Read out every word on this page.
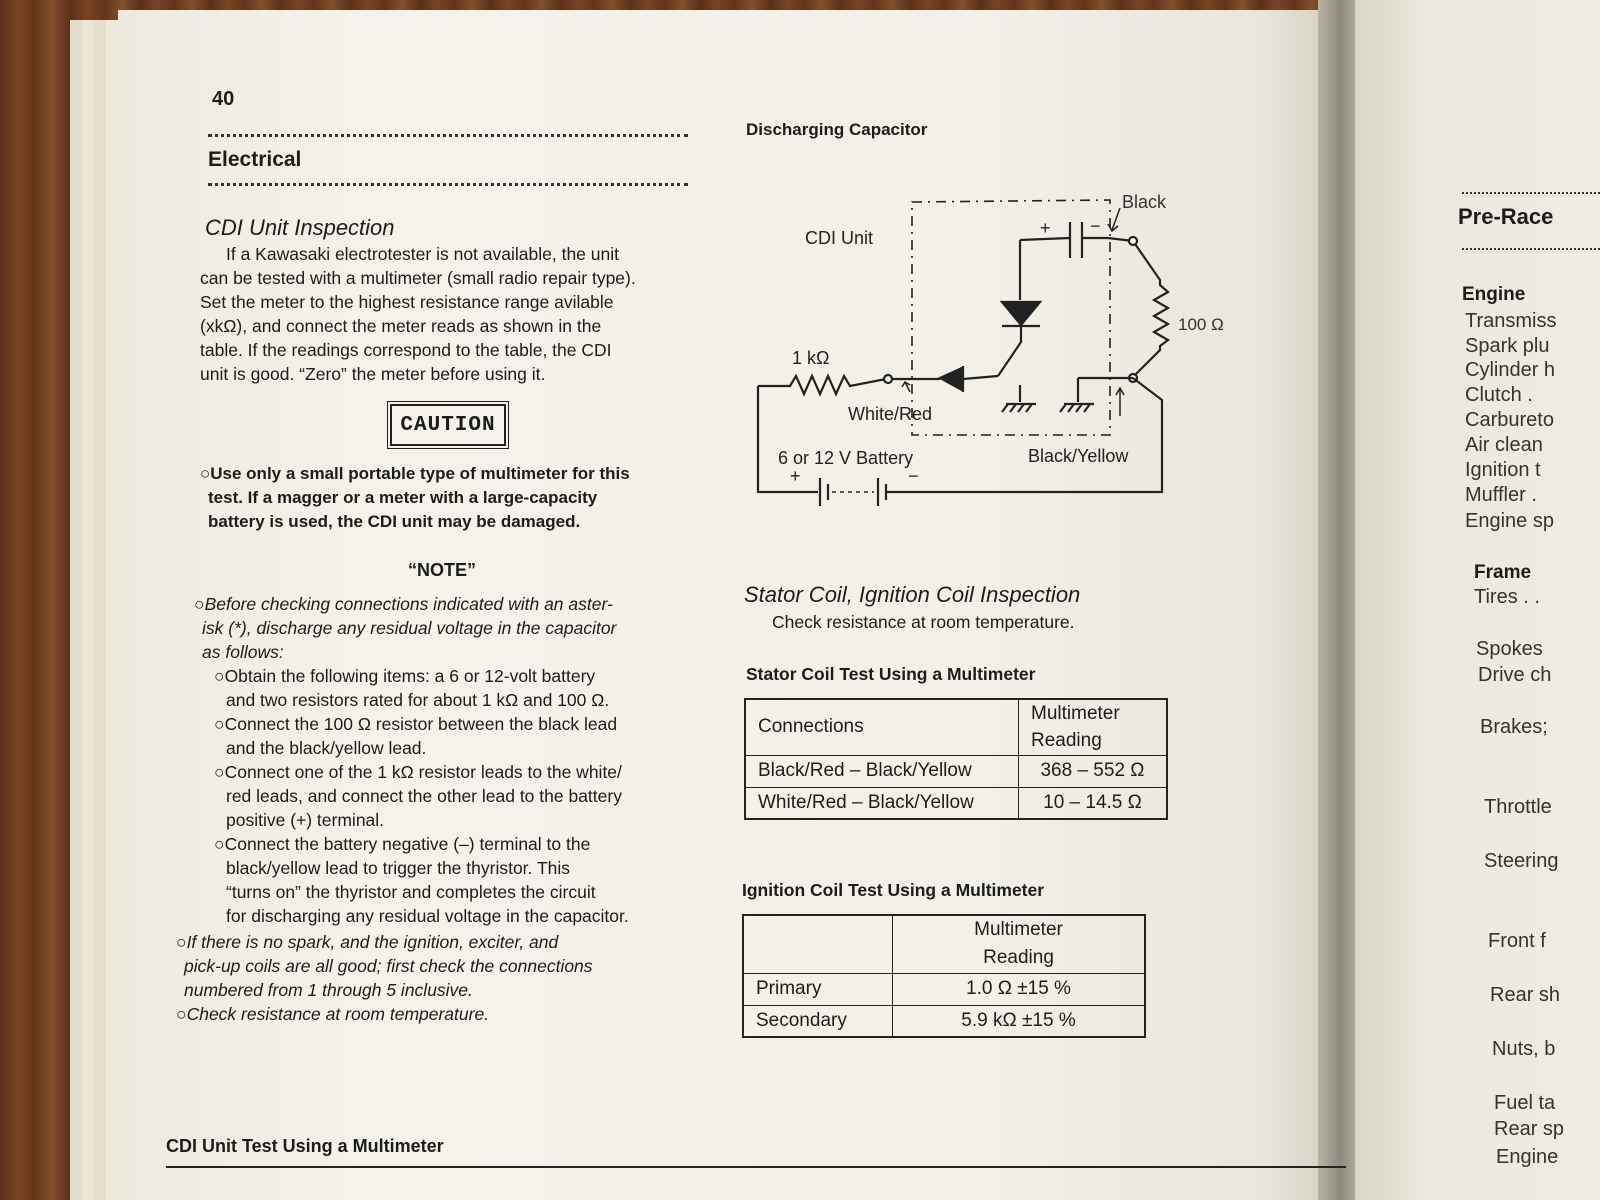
40
Electrical
CDI Unit Inspection
If a Kawasaki electrotester is not available, the unit
can be tested with a multimeter (small radio repair type).
Set the meter to the highest resistance range avilable
(xkΩ), and connect the meter reads as shown in the
table. If the readings correspond to the table, the CDI
unit is good. “Zero” the meter before using it.
CAUTION
○Use only a small portable type of multimeter for this
test. If a magger or a meter with a large-capacity
battery is used, the CDI unit may be damaged.
“NOTE”
○Before checking connections indicated with an aster-
isk (*), discharge any residual voltage in the capacitor
as follows:
○Obtain the following items: a 6 or 12-volt battery
and two resistors rated for about 1 kΩ and 100 Ω.
○Connect the 100 Ω resistor between the black lead
and the black/yellow lead.
○Connect one of the 1 kΩ resistor leads to the white/
red leads, and connect the other lead to the battery
positive (+) terminal.
○Connect the battery negative (–) terminal to the
black/yellow lead to trigger the thyristor. This
“turns on” the thyristor and completes the circuit
for discharging any residual voltage in the capacitor.
○If there is no spark, and the ignition, exciter, and
pick-up coils are all good; first check the connections
numbered from 1 through 5 inclusive.
○Check resistance at room temperature.
CDI Unit Test Using a Multimeter
Discharging Capacitor
CDI Unit
Black
100 Ω
1 kΩ
White/Red
6 or 12 V Battery	Black/Yellow
+	−
+ −
Stator Coil, Ignition Coil Inspection
Check resistance at room temperature.
Stator Coil Test Using a Multimeter
Connections	Multimeter
Reading

Black/Red – Black/Yellow	368 – 552 Ω
White/Red – Black/Yellow	10 – 14.5 Ω
Ignition Coil Test Using a Multimeter

	Multimeter
Reading

Primary	1.0 Ω ±15 %
Secondary	5.9 kΩ ±15 %
Pre-Race
Engine
Transmiss
Spark plu
Cylinder h
Clutch .
Carbureto
Air clean
Ignition t
Muffler .
Engine sp
Frame
Tires . .
Spokes
Drive ch
Brakes;
Throttle
Steering
Front f
Rear sh
Nuts, b
Fuel ta
Rear sp
Engine
